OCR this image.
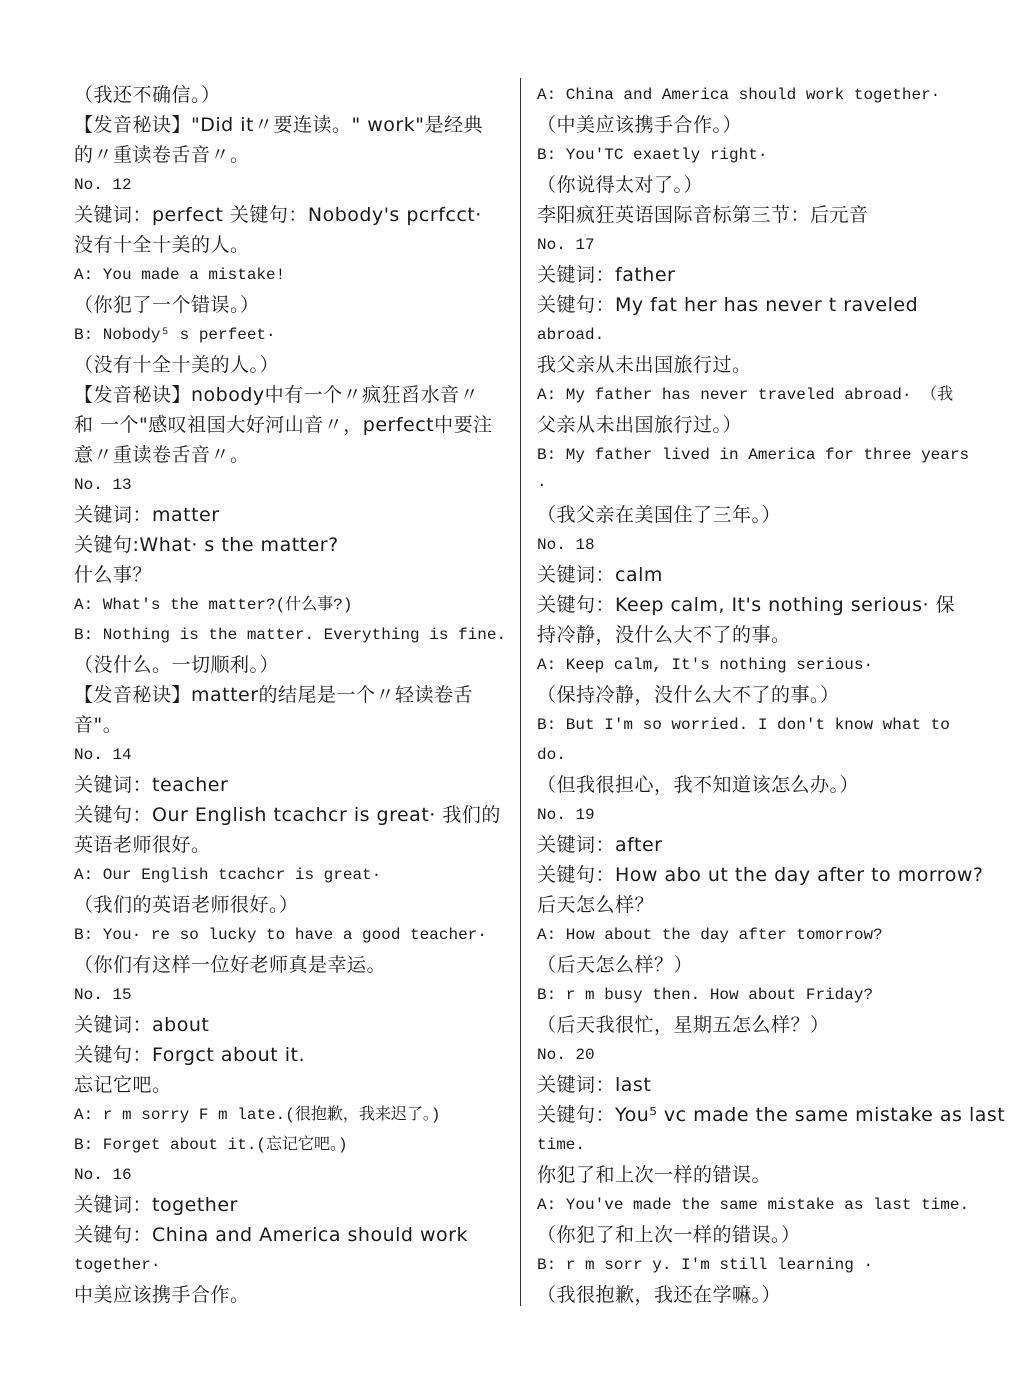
（我还不确信。）
【发音秘诀】"Did it〃要连读。" work"是经典
的〃重读卷舌音〃。
No. 12
关键词：perfect 关键句：Nobody's pcrfcct·
没有十全十美的人。
A: You made a mistake!
（你犯了一个错误。）
B: Nobody⁵ s perfeet·
（没有十全十美的人。）
【发音秘诀】nobody中有一个〃疯狂舀水音〃
和 一个"感叹祖国大好河山音〃，perfect中要注
意〃重读卷舌音〃。
No. 13
关键词：matter
关键句:What· s the matter?
什么事？
A: What's the matter?(什么事?)
B: Nothing is the matter. Everything is fine.
（没什么。一切顺利。）
【发音秘诀】matter的结尾是一个〃轻读卷舌
音"。
No. 14
关键词：teacher
关键句：Our English tcachcr is great· 我们的
英语老师很好。
A: Our English tcachcr is great·
（我们的英语老师很好。）
B: You· re so lucky to have a good teacher·
（你们有这样一位好老师真是幸运。
No. 15
关键词：about
关键句：Forgct about it.
忘记它吧。
A: r m sorry F m late.(很抱歉，我来迟了。)
B: Forget about it.(忘记它吧。)
No. 16
关键词：together
关键句：China and America should work
together·
中美应该携手合作。
A: China and America should work together·
（中美应该携手合作。）
B: You'TC exaetly right·
（你说得太对了。）
李阳疯狂英语国际音标第三节：后元音
No. 17
关键词：father
关键句：My fat her has never t raveled
abroad.
我父亲从未出国旅行过。
A: My father has never traveled abroad· （我
父亲从未出国旅行过。）
B: My father lived in America for three years
·
（我父亲在美国住了三年。）
No. 18
关键词：calm
关键句：Keep calm, It's nothing serious· 保
持冷静，没什么大不了的事。
A: Keep calm, It's nothing serious·
（保持冷静，没什么大不了的事。）
B: But I'm so worried. I don't know what to
do.
（但我很担心，我不知道该怎么办。）
No. 19
关键词：after
关键句：How abo ut the day after to morrow?
后天怎么样？
A: How about the day after tomorrow?
（后天怎么样？）
B: r m busy then. How about Friday?
（后天我很忙，星期五怎么样？）
No. 20
关键词：last
关键句：You⁵ vc made the same mistake as last
time.
你犯了和上次一样的错误。
A: You've made the same mistake as last time.
（你犯了和上次一样的错误。）
B: r m sorr y. I'm still learning ·
（我很抱歉，我还在学嘛。）
